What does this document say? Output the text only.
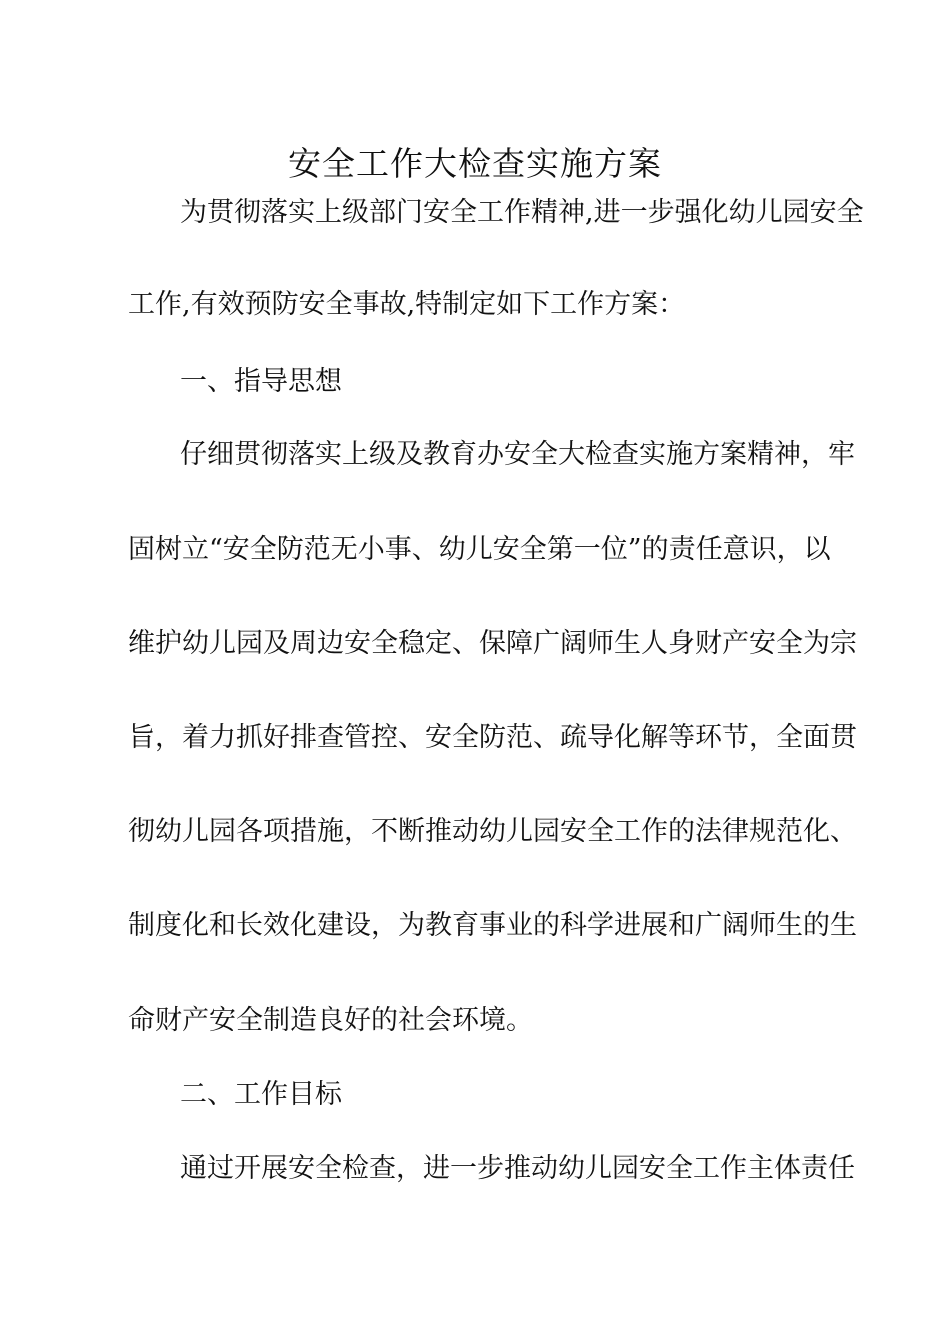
安全工作大检查实施方案
为贯彻落实上级部门安全工作精神,进一步强化幼儿园安全
工作,有效预防安全事故,特制定如下工作方案：
一、指导思想
仔细贯彻落实上级及教育办安全大检查实施方案精神，牢
固树立“安全防范无小事、幼儿安全第一位”的责任意识，以
维护幼儿园及周边安全稳定、保障广阔师生人身财产安全为宗
旨，着力抓好排查管控、安全防范、疏导化解等环节，全面贯
彻幼儿园各项措施，不断推动幼儿园安全工作的法律规范化、
制度化和长效化建设，为教育事业的科学进展和广阔师生的生
命财产安全制造良好的社会环境。
二、工作目标
通过开展安全检查，进一步推动幼儿园安全工作主体责任
